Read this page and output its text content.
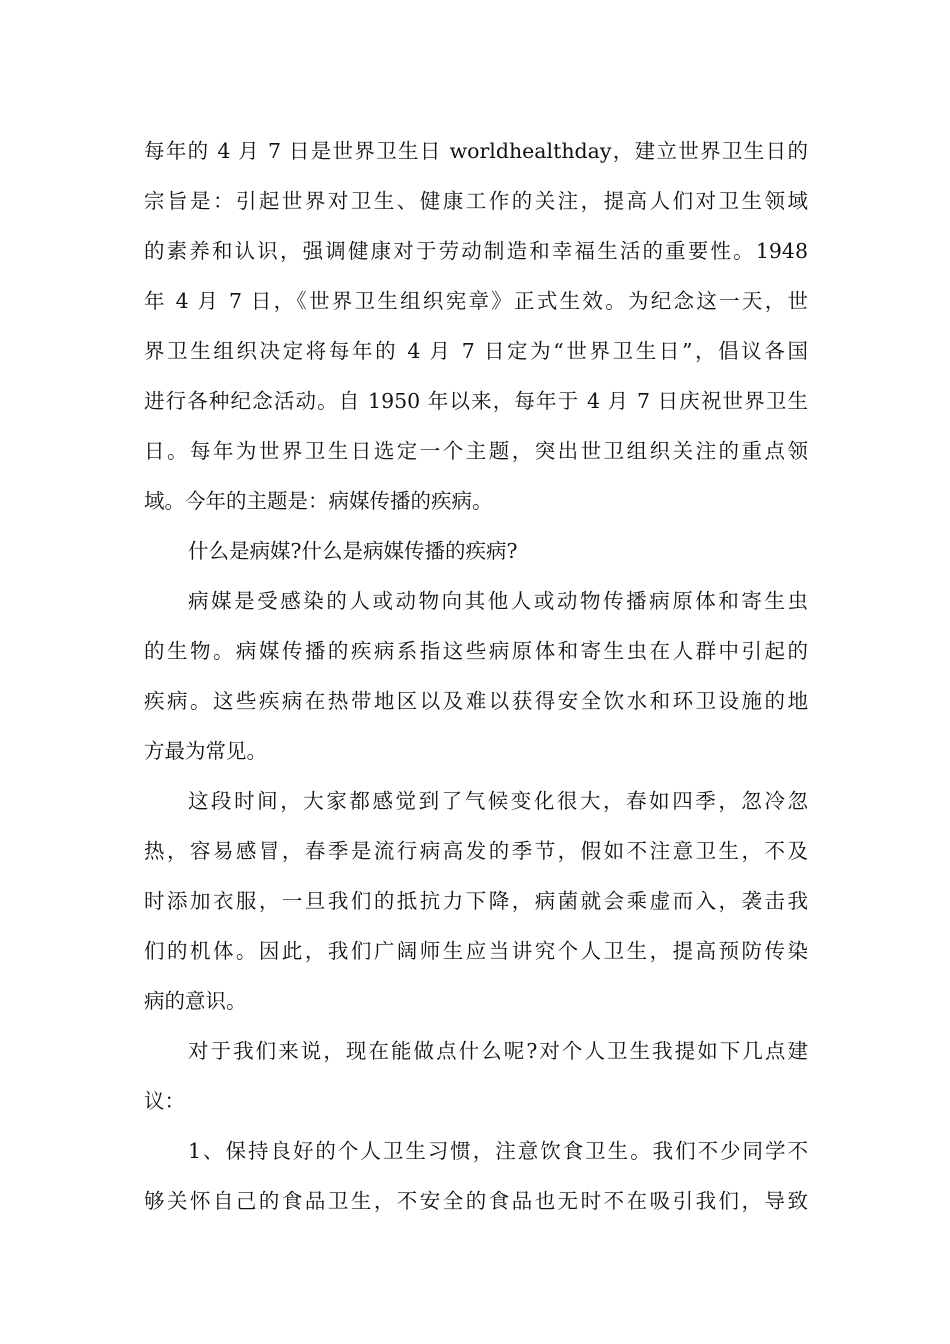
每年的 4 月 7 日是世界卫生日 worldhealthday，建立世界卫生日的
宗旨是：引起世界对卫生、健康工作的关注，提高人们对卫生领域
的素养和认识，强调健康对于劳动制造和幸福生活的重要性。1948
年 4 月 7 日，《世界卫生组织宪章》正式生效。为纪念这一天，世
界卫生组织决定将每年的 4 月 7 日定为“世界卫生日”，倡议各国
进行各种纪念活动。自 1950 年以来，每年于 4 月 7 日庆祝世界卫生
日。每年为世界卫生日选定一个主题，突出世卫组织关注的重点领
域。今年的主题是：病媒传播的疾病。
什么是病媒?什么是病媒传播的疾病?
病媒是受感染的人或动物向其他人或动物传播病原体和寄生虫
的生物。病媒传播的疾病系指这些病原体和寄生虫在人群中引起的
疾病。这些疾病在热带地区以及难以获得安全饮水和环卫设施的地
方最为常见。
这段时间，大家都感觉到了气候变化很大，春如四季，忽冷忽
热，容易感冒，春季是流行病高发的季节，假如不注意卫生，不及
时添加衣服，一旦我们的抵抗力下降，病菌就会乘虚而入，袭击我
们的机体。因此，我们广阔师生应当讲究个人卫生，提高预防传染
病的意识。
对于我们来说，现在能做点什么呢?对个人卫生我提如下几点建
议：
1、保持良好的个人卫生习惯，注意饮食卫生。我们不少同学不
够关怀自己的食品卫生，不安全的食品也无时不在吸引我们，导致
